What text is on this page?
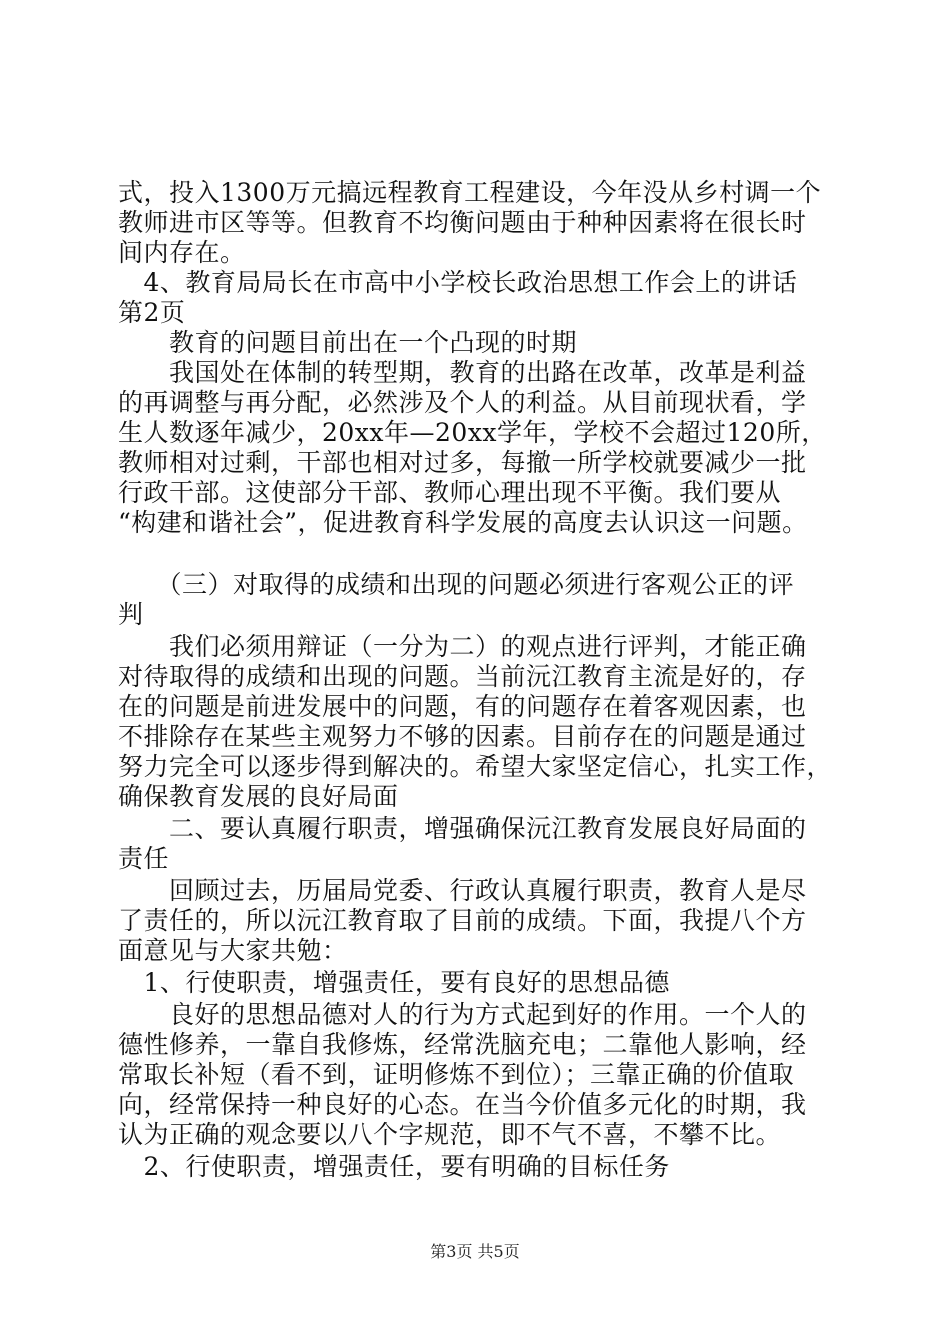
式，投入1300万元搞远程教育工程建设，今年没从乡村调一个
教师进市区等等。但教育不均衡问题由于种种因素将在很长时
间内存在。
　4、教育局局长在市高中小学校长政治思想工作会上的讲话
第2页
　　教育的问题目前出在一个凸现的时期
　　我国处在体制的转型期，教育的出路在改革，改革是利益
的再调整与再分配，必然涉及个人的利益。从目前现状看，学
生人数逐年减少，20xx年—20xx学年，学校不会超过120所，
教师相对过剩，干部也相对过多，每撤一所学校就要减少一批
行政干部。这使部分干部、教师心理出现不平衡。我们要从
“构建和谐社会”，促进教育科学发展的高度去认识这一问题。
　　（三）对取得的成绩和出现的问题必须进行客观公正的评
判
　　我们必须用辩证（一分为二）的观点进行评判，才能正确
对待取得的成绩和出现的问题。当前沅江教育主流是好的，存
在的问题是前进发展中的问题，有的问题存在着客观因素，也
不排除存在某些主观努力不够的因素。目前存在的问题是通过
努力完全可以逐步得到解决的。希望大家坚定信心，扎实工作，
确保教育发展的良好局面
　　二、要认真履行职责，增强确保沅江教育发展良好局面的
责任
　　回顾过去，历届局党委、行政认真履行职责，教育人是尽
了责任的，所以沅江教育取了目前的成绩。下面，我提八个方
面意见与大家共勉：
　1、行使职责，增强责任，要有良好的思想品德
　　良好的思想品德对人的行为方式起到好的作用。一个人的
德性修养，一靠自我修炼，经常洗脑充电；二靠他人影响，经
常取长补短（看不到，证明修炼不到位）；三靠正确的价值取
向，经常保持一种良好的心态。在当今价值多元化的时期，我
认为正确的观念要以八个字规范，即不气不喜，不攀不比。
　2、行使职责，增强责任，要有明确的目标任务
第3页 共5页
